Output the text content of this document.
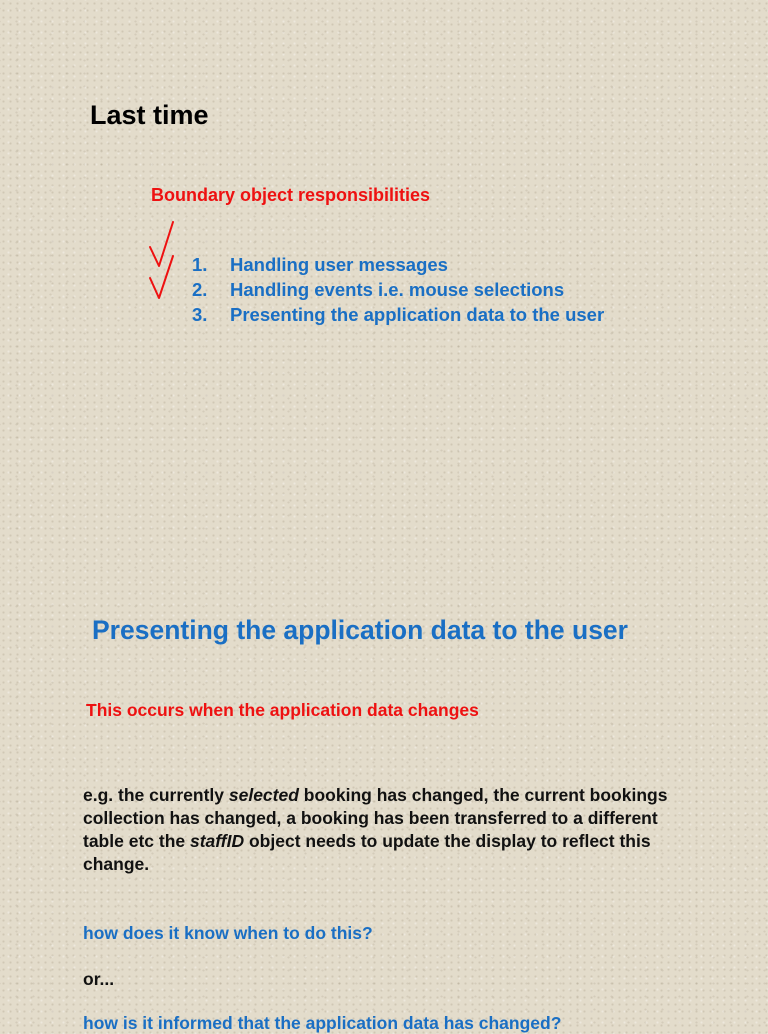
Last time
Boundary object responsibilities
1. Handling user messages
2. Handling events i.e. mouse selections
3. Presenting the application data to the user
Presenting the application data to the user
This occurs when the application data changes
e.g. the currently selected booking has changed, the current bookings collection has changed, a booking has been transferred to a different table etc the staffID object needs to update the display to reflect this change.
how does it know when to do this?
or...
how is it informed that the application data has changed?
